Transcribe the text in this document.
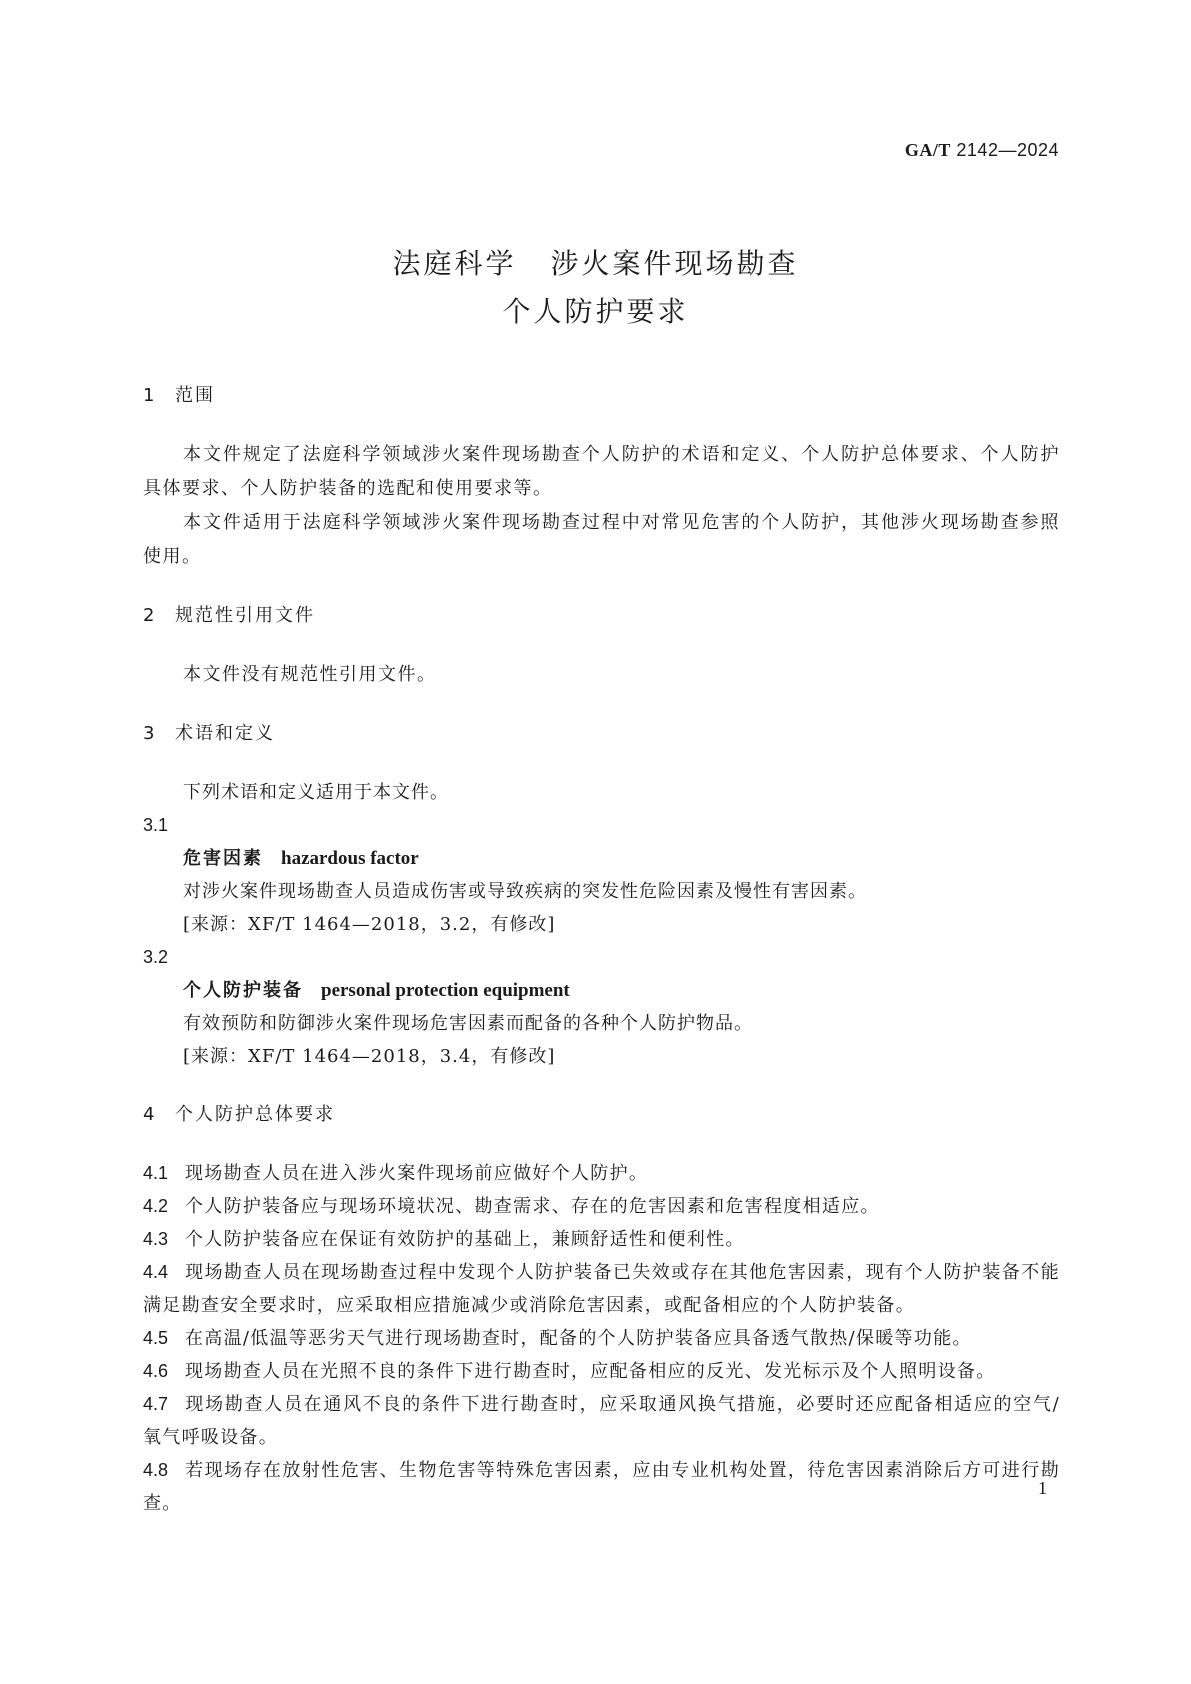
GA/T 2142—2024
法庭科学 涉火案件现场勘查
个人防护要求
1 范围
本文件规定了法庭科学领域涉火案件现场勘查个人防护的术语和定义、个人防护总体要求、个人防护具体要求、个人防护装备的选配和使用要求等。
本文件适用于法庭科学领域涉火案件现场勘查过程中对常见危害的个人防护，其他涉火现场勘查参照使用。
2 规范性引用文件
本文件没有规范性引用文件。
3 术语和定义
下列术语和定义适用于本文件。
3.1
危害因素 hazardous factor
对涉火案件现场勘查人员造成伤害或导致疾病的突发性危险因素及慢性有害因素。
[来源：XF/T 1464—2018，3.2，有修改]
3.2
个人防护装备 personal protection equipment
有效预防和防御涉火案件现场危害因素而配备的各种个人防护物品。
[来源：XF/T 1464—2018，3.4，有修改]
4 个人防护总体要求
4.1 现场勘查人员在进入涉火案件现场前应做好个人防护。
4.2 个人防护装备应与现场环境状况、勘查需求、存在的危害因素和危害程度相适应。
4.3 个人防护装备应在保证有效防护的基础上，兼顾舒适性和便利性。
4.4 现场勘查人员在现场勘查过程中发现个人防护装备已失效或存在其他危害因素，现有个人防护装备不能满足勘查安全要求时，应采取相应措施减少或消除危害因素，或配备相应的个人防护装备。
4.5 在高温/低温等恶劣天气进行现场勘查时，配备的个人防护装备应具备透气散热/保暖等功能。
4.6 现场勘查人员在光照不良的条件下进行勘查时，应配备相应的反光、发光标示及个人照明设备。
4.7 现场勘查人员在通风不良的条件下进行勘查时，应采取通风换气措施，必要时还应配备相适应的空气/氧气呼吸设备。
4.8 若现场存在放射性危害、生物危害等特殊危害因素，应由专业机构处置，待危害因素消除后方可进行勘查。
1
